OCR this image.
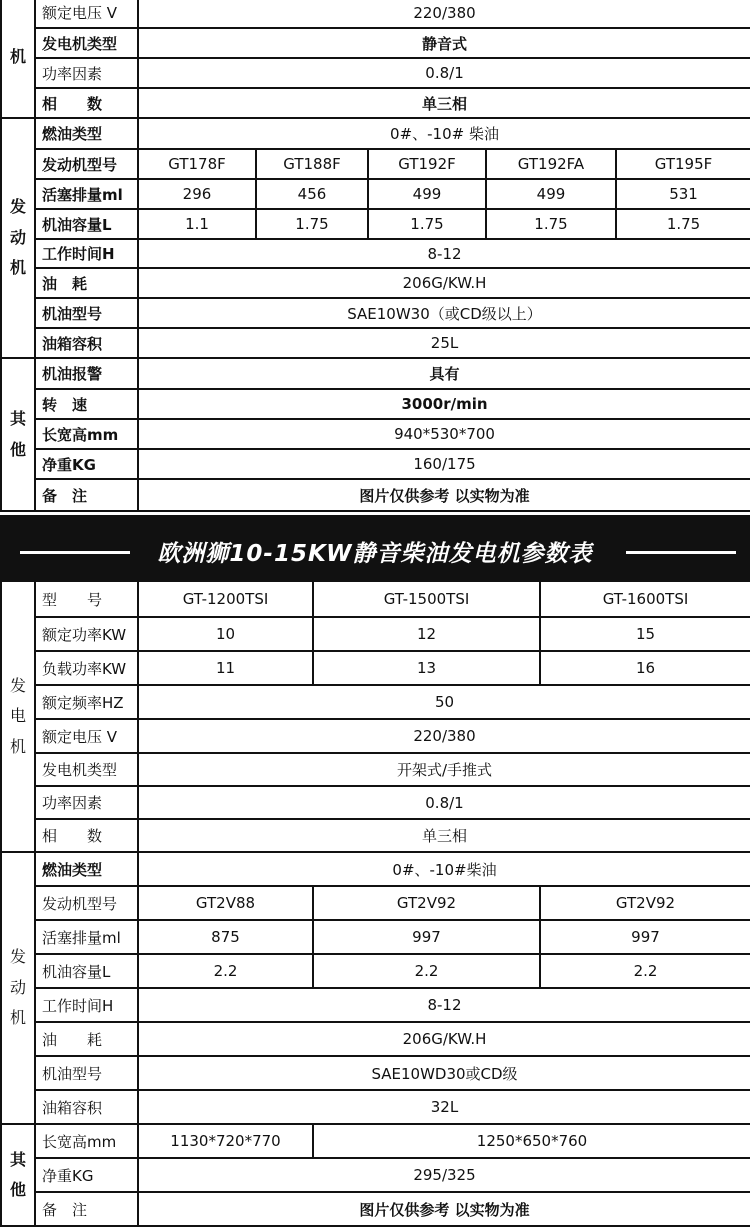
机	额定电压 V	220/380				
	发电机类型	静音式				
	功率因素	0.8/1				
	相　　数	单三相				
发
动
机	燃油类型	0#、-10# 柴油				
	发动机型号	GT178F	GT188F	GT192F	GT192FA	GT195F
	活塞排量ml	296	456	499	499	531
	机油容量L	1.1	1.75	1.75	1.75	1.75
	工作时间H	8-12				
	油　耗	206G/KW.H				
	机油型号	SAE10W30（或CD级以上）				
	油箱容积	25L				
其
他	机油报警	具有				
	转　速	3000r/min				
	长宽高mm	940*530*700				
	净重KG	160/175				
	备　注	图片仅供参考 以实物为准				
欧洲狮10-15KW静音柴油发电机参数表
发
电
机	型　　号	GT-1200TSI	GT-1500TSI	GT-1600TSI
	额定功率KW	10	12	15
	负载功率KW	11	13	16
	额定频率HZ	50		
	额定电压 V	220/380		
	发电机类型	开架式/手推式		
	功率因素	0.8/1		
	相　　数	单三相		
发
动
机	燃油类型	0#、-10#柴油		
	发动机型号	GT2V88	GT2V92	GT2V92
	活塞排量ml	875	997	997
	机油容量L	2.2	2.2	2.2
	工作时间H	8-12		
	油　　耗	206G/KW.H		
	机油型号	SAE10WD30或CD级		
	油箱容积	32L		
其
他	长宽高mm	1130*720*770	1250*650*760	
	净重KG	295/325		
	备　注	图片仅供参考 以实物为准		
